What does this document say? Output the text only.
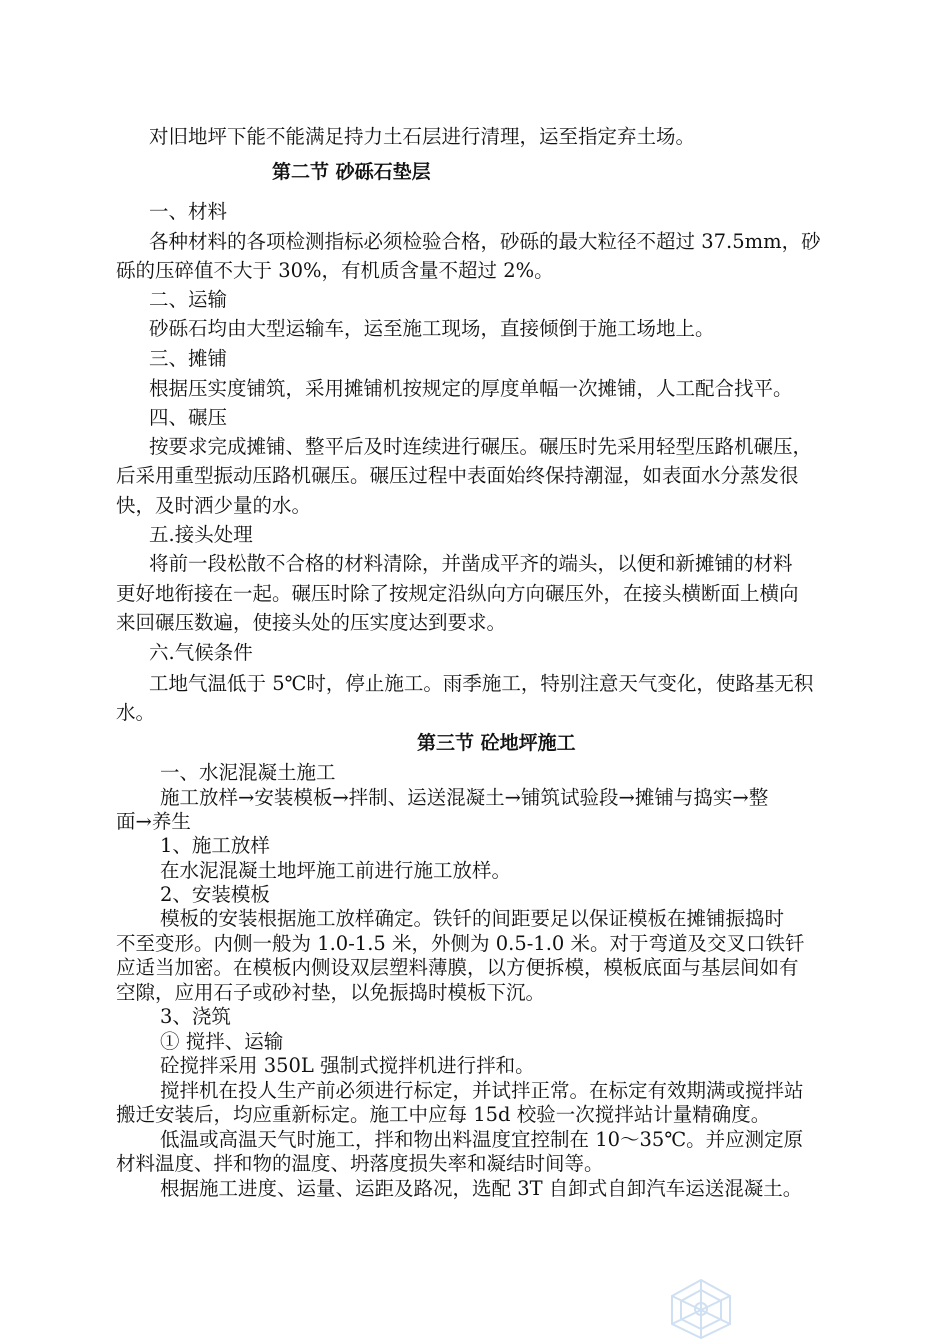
对旧地坪下能不能满足持力土石层进行清理，运至指定弃土场。
第二节 砂砾石垫层
一、材料
各种材料的各项检测指标必须检验合格，砂砾的最大粒径不超过 37.5mm，砂
砾的压碎值不大于 30%，有机质含量不超过 2%。
二、运输
砂砾石均由大型运输车，运至施工现场，直接倾倒于施工场地上。
三、摊铺
根据压实度铺筑，采用摊铺机按规定的厚度单幅一次摊铺，人工配合找平。
四、碾压
按要求完成摊铺、整平后及时连续进行碾压。碾压时先采用轻型压路机碾压，
后采用重型振动压路机碾压。碾压过程中表面始终保持潮湿，如表面水分蒸发很
快，及时洒少量的水。
五.接头处理
将前一段松散不合格的材料清除，并凿成平齐的端头，以便和新摊铺的材料
更好地衔接在一起。碾压时除了按规定沿纵向方向碾压外，在接头横断面上横向
来回碾压数遍，使接头处的压实度达到要求。
六.气候条件
工地气温低于 5℃时，停止施工。雨季施工，特别注意天气变化，使路基无积
水。
第三节 砼地坪施工
一、水泥混凝土施工
施工放样→安装模板→拌制、运送混凝土→铺筑试验段→摊铺与捣实→整
面→养生
1、施工放样
在水泥混凝土地坪施工前进行施工放样。
2、安装模板
模板的安装根据施工放样确定。铁钎的间距要足以保证模板在摊铺振捣时
不至变形。内侧一般为 1.0-1.5 米，外侧为 0.5-1.0 米。对于弯道及交叉口铁钎
应适当加密。在模板内侧设双层塑料薄膜，以方便拆模，模板底面与基层间如有
空隙，应用石子或砂衬垫，以免振捣时模板下沉。
3、浇筑
① 搅拌、运输
砼搅拌采用 350L 强制式搅拌机进行拌和。
搅拌机在投人生产前必须进行标定，并试拌正常。在标定有效期满或搅拌站
搬迁安装后，均应重新标定。施工中应每 15d 校验一次搅拌站计量精确度。
低温或高温天气时施工，拌和物出料温度宜控制在 10～35℃。并应测定原
材料温度、拌和物的温度、坍落度损失率和凝结时间等。
根据施工进度、运量、运距及路况，选配 3T 自卸式自卸汽车运送混凝土。
